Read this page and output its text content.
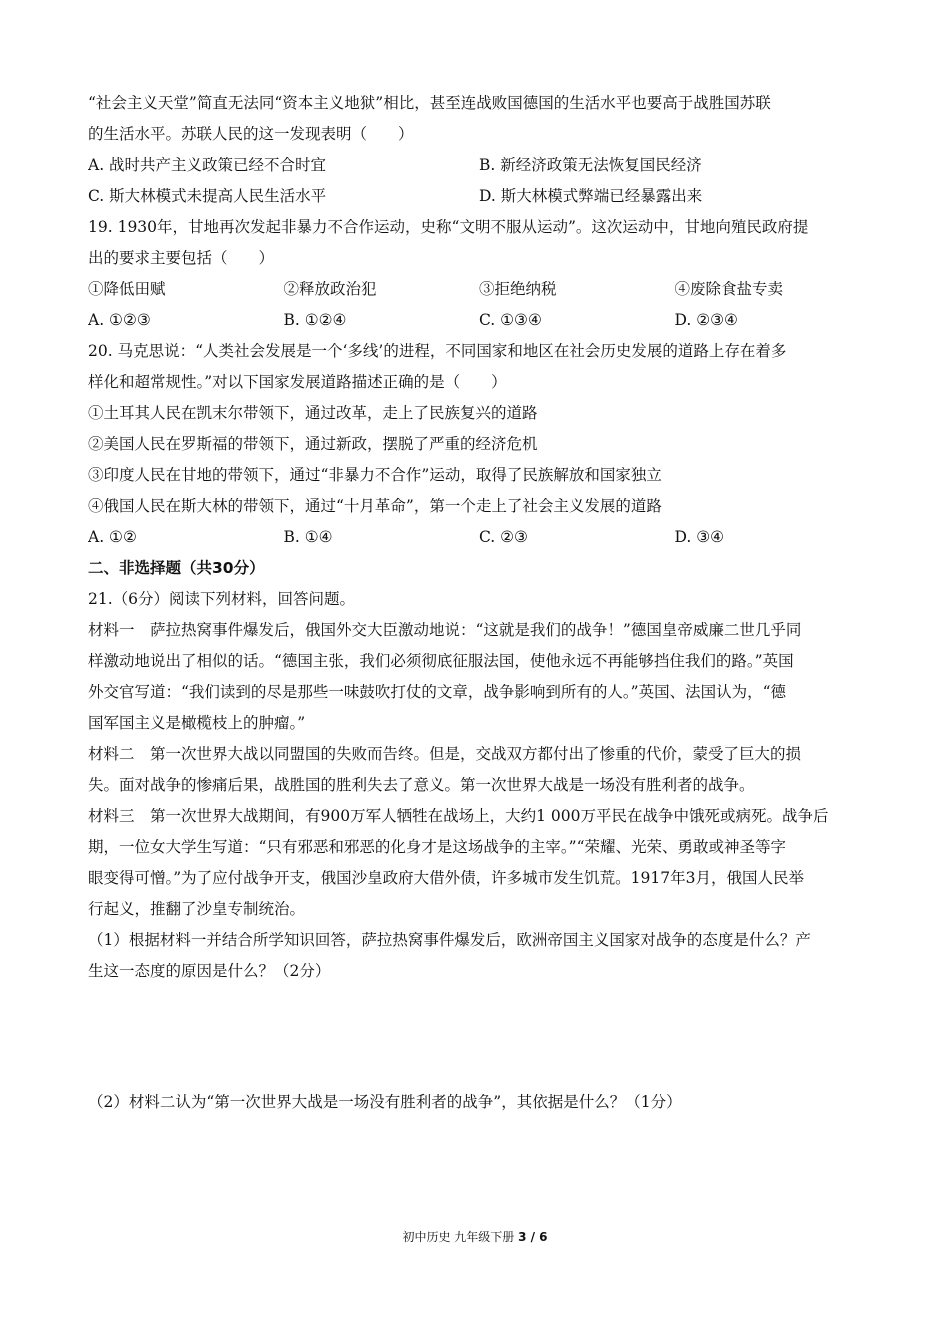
“社会主义天堂”简直无法同“资本主义地狱”相比，甚至连战败国德国的生活水平也要高于战胜国苏联
的生活水平。苏联人民的这一发现表明（　　）
A. 战时共产主义政策已经不合时宜	B. 新经济政策无法恢复国民经济
C. 斯大林模式未提高人民生活水平	D. 斯大林模式弊端已经暴露出来
19. 1930年，甘地再次发起非暴力不合作运动，史称“文明不服从运动”。这次运动中，甘地向殖民政府提
出的要求主要包括（　　）
①降低田赋	②释放政治犯	③拒绝纳税	④废除食盐专卖
A. ①②③	B. ①②④	C. ①③④	D. ②③④
20. 马克思说：“人类社会发展是一个‘多线’的进程，不同国家和地区在社会历史发展的道路上存在着多
样化和超常规性。”对以下国家发展道路描述正确的是（　　）
①土耳其人民在凯末尔带领下，通过改革，走上了民族复兴的道路
②美国人民在罗斯福的带领下，通过新政，摆脱了严重的经济危机
③印度人民在甘地的带领下，通过“非暴力不合作”运动，取得了民族解放和国家独立
④俄国人民在斯大林的带领下，通过“十月革命”，第一个走上了社会主义发展的道路
A. ①②	B. ①④	C. ②③	D. ③④
二、非选择题（共30分）
21.（6分）阅读下列材料，回答问题。
材料一　萨拉热窝事件爆发后，俄国外交大臣激动地说：“这就是我们的战争！”德国皇帝威廉二世几乎同
样激动地说出了相似的话。“德国主张，我们必须彻底征服法国，使他永远不再能够挡住我们的路。”英国
外交官写道：“我们读到的尽是那些一味鼓吹打仗的文章，战争影响到所有的人。”英国、法国认为，“德
国军国主义是橄榄枝上的肿瘤。”
材料二　第一次世界大战以同盟国的失败而告终。但是，交战双方都付出了惨重的代价，蒙受了巨大的损
失。面对战争的惨痛后果，战胜国的胜利失去了意义。第一次世界大战是一场没有胜利者的战争。
材料三　第一次世界大战期间，有900万军人牺牲在战场上，大约1 000万平民在战争中饿死或病死。战争后
期，一位女大学生写道：“只有邪恶和邪恶的化身才是这场战争的主宰。”“荣耀、光荣、勇敢或神圣等字
眼变得可憎。”为了应付战争开支，俄国沙皇政府大借外债，许多城市发生饥荒。1917年3月，俄国人民举
行起义，推翻了沙皇专制统治。
（1）根据材料一并结合所学知识回答，萨拉热窝事件爆发后，欧洲帝国主义国家对战争的态度是什么？产
生这一态度的原因是什么？（2分）
（2）材料二认为“第一次世界大战是一场没有胜利者的战争”，其依据是什么？（1分）
初中历史 九年级下册 3 / 6
